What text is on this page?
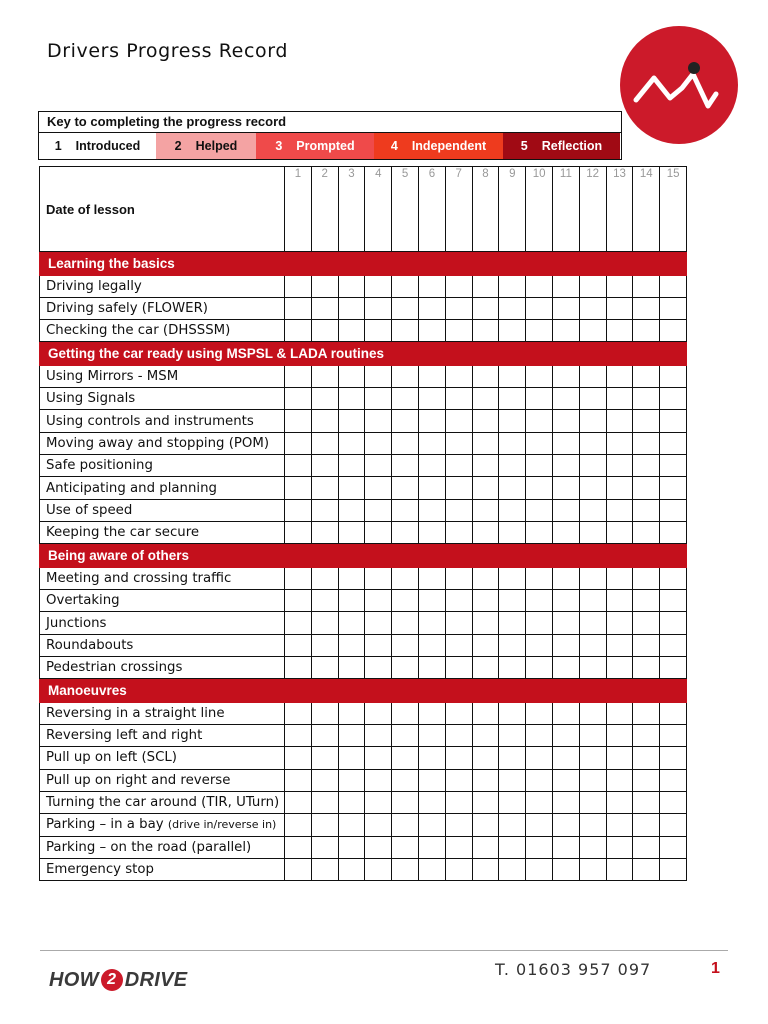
Drivers Progress Record
Key to completing the progress record
1 Introduced	2 Helped	3 Prompted	4 Independent	5 Reflection
Date of lesson	1	2	3	4	5	6	7	8	9	10	11	12	13	14	15
Learning the basics															
Driving legally															
Driving safely (FLOWER)															
Checking the car (DHSSSM)															
Getting the car ready using MSPSL & LADA routines															
Using Mirrors - MSM															
Using Signals															
Using controls and instruments															
Moving away and stopping (POM)															
Safe positioning															
Anticipating and planning															
Use of speed															
Keeping the car secure															
Being aware of others															
Meeting and crossing traffic															
Overtaking															
Junctions															
Roundabouts															
Pedestrian crossings															
Manoeuvres															
Reversing in a straight line															
Reversing left and right															
Pull up on left (SCL)															
Pull up on right and reverse															
Turning the car around (TIR, UTurn)															
Parking – in a bay (drive in/reverse in)															
Parking – on the road (parallel)															
Emergency stop															
HOW 2 DRIVE	T. 01603 957 097	1
